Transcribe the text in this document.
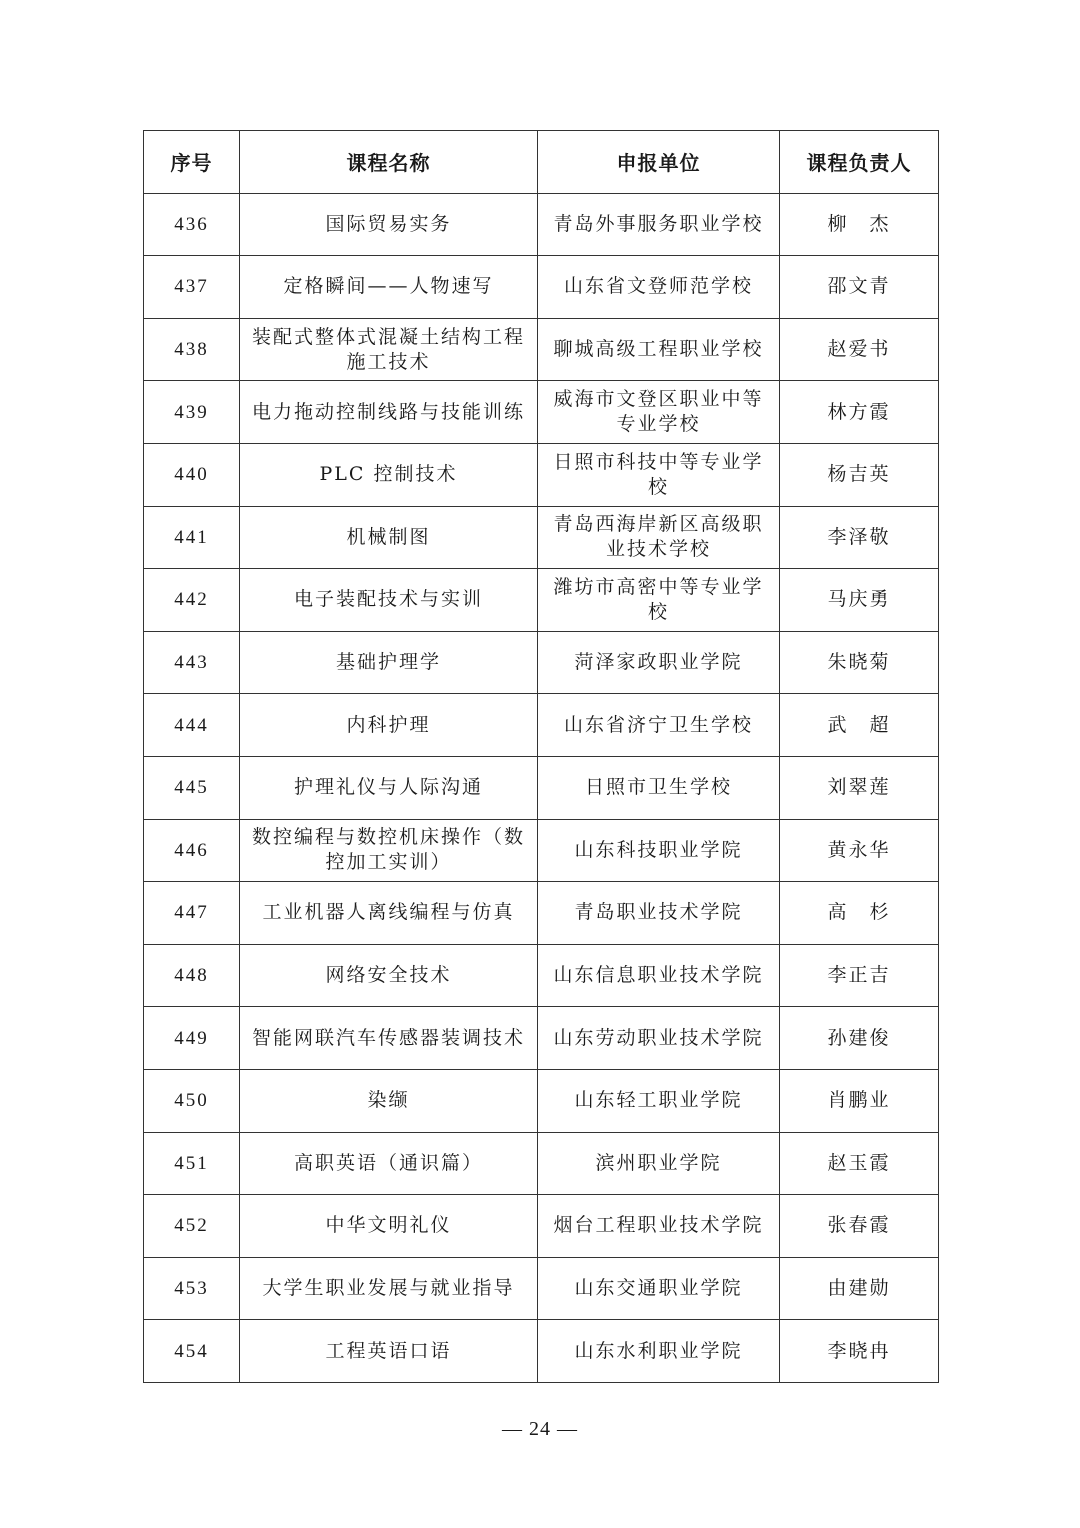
序号	课程名称	申报单位	课程负责人
436	国际贸易实务	青岛外事服务职业学校	柳　杰
437	定格瞬间——人物速写	山东省文登师范学校	邵文青
438	装配式整体式混凝土结构工程施工技术	聊城高级工程职业学校	赵爱书
439	电力拖动控制线路与技能训练	威海市文登区职业中等专业学校	林方霞
440	PLC 控制技术	日照市科技中等专业学校	杨吉英
441	机械制图	青岛西海岸新区高级职业技术学校	李泽敬
442	电子装配技术与实训	潍坊市高密中等专业学校	马庆勇
443	基础护理学	菏泽家政职业学院	朱晓菊
444	内科护理	山东省济宁卫生学校	武　超
445	护理礼仪与人际沟通	日照市卫生学校	刘翠莲
446	数控编程与数控机床操作（数控加工实训）	山东科技职业学院	黄永华
447	工业机器人离线编程与仿真	青岛职业技术学院	高　杉
448	网络安全技术	山东信息职业技术学院	李正吉
449	智能网联汽车传感器装调技术	山东劳动职业技术学院	孙建俊
450	染缬	山东轻工职业学院	肖鹏业
451	高职英语（通识篇）	滨州职业学院	赵玉霞
452	中华文明礼仪	烟台工程职业技术学院	张春霞
453	大学生职业发展与就业指导	山东交通职业学院	由建勋
454	工程英语口语	山东水利职业学院	李晓冉
— 24 —
